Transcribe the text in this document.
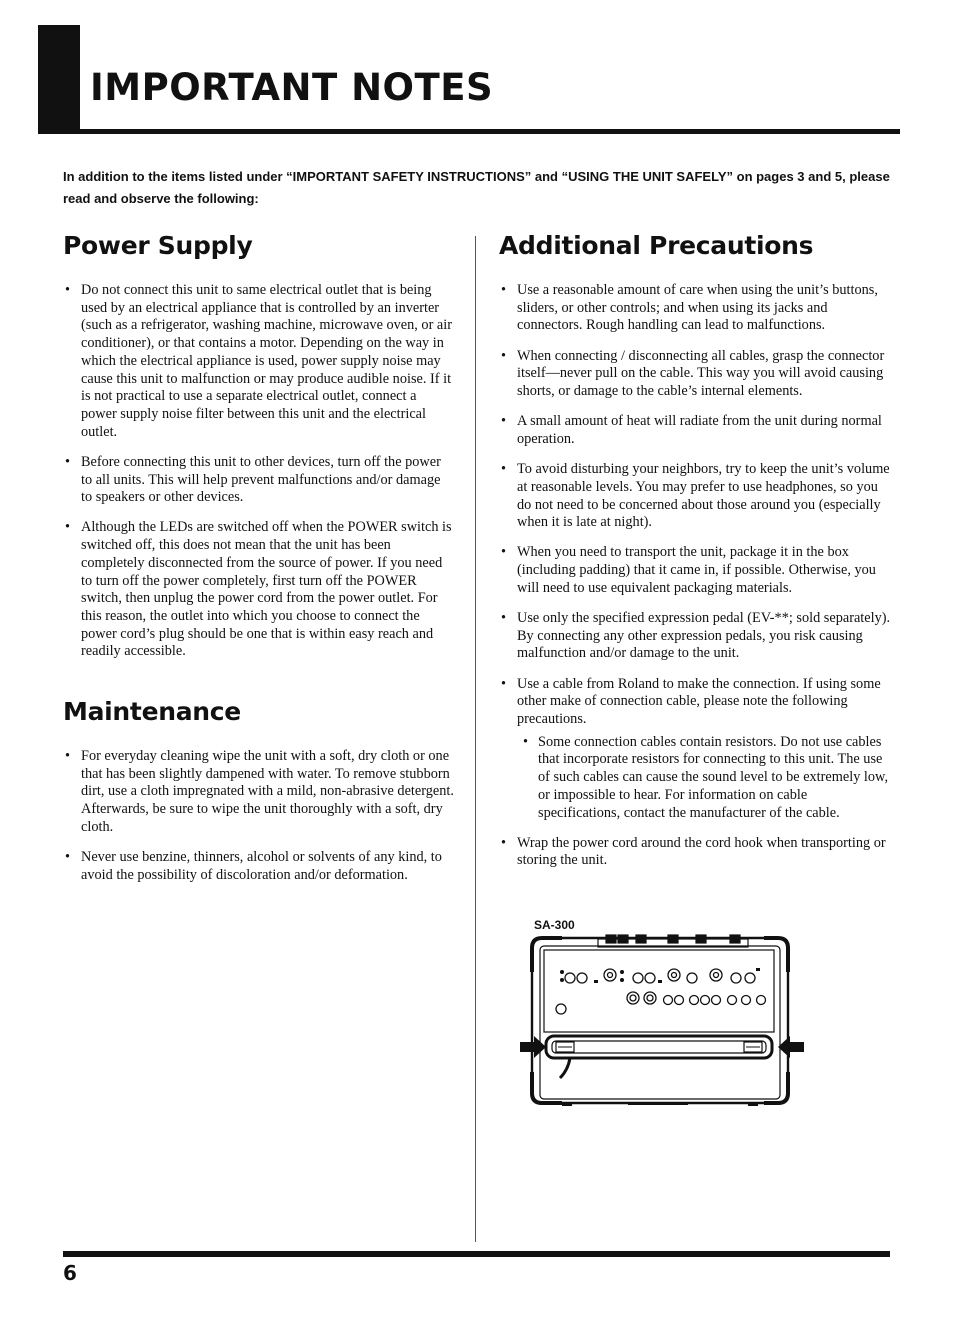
IMPORTANT NOTES

In addition to the items listed under “IMPORTANT SAFETY INSTRUCTIONS” and “USING THE UNIT SAFELY” on pages 3 and 5, please read and observe the following:

Power Supply
• Do not connect this unit to same electrical outlet that is being used by an electrical appliance that is controlled by an inverter (such as a refrigerator, washing machine, microwave oven, or air conditioner), or that contains a motor. Depending on the way in which the electrical appliance is used, power supply noise may cause this unit to malfunction or may produce audible noise. If it is not practical to use a separate electrical outlet, connect a power supply noise filter between this unit and the electrical outlet.
• Before connecting this unit to other devices, turn off the power to all units. This will help prevent malfunctions and/or damage to speakers or other devices.
• Although the LEDs are switched off when the POWER switch is switched off, this does not mean that the unit has been completely disconnected from the source of power. If you need to turn off the power completely, first turn off the POWER switch, then unplug the power cord from the power outlet. For this reason, the outlet into which you choose to connect the power cord’s plug should be one that is within easy reach and readily accessible.
Maintenance
• For everyday cleaning wipe the unit with a soft, dry cloth or one that has been slightly dampened with water. To remove stubborn dirt, use a cloth impregnated with a mild, non-abrasive detergent. Afterwards, be sure to wipe the unit thoroughly with a soft, dry cloth.
• Never use benzine, thinners, alcohol or solvents of any kind, to avoid the possibility of discoloration and/or deformation.
Additional Precautions
• Use a reasonable amount of care when using the unit’s buttons, sliders, or other controls; and when using its jacks and connectors. Rough handling can lead to malfunctions.
• When connecting / disconnecting all cables, grasp the connector itself—never pull on the cable. This way you will avoid causing shorts, or damage to the cable’s internal elements.
• A small amount of heat will radiate from the unit during normal operation.
• To avoid disturbing your neighbors, try to keep the unit’s volume at reasonable levels. You may prefer to use headphones, so you do not need to be concerned about those around you (especially when it is late at night).
• When you need to transport the unit, package it in the box (including padding) that it came in, if possible. Otherwise, you will need to use equivalent packaging materials.
• Use only the specified expression pedal (EV-**; sold separately). By connecting any other expression pedals, you risk causing malfunction and/or damage to the unit.
• Use a cable from Roland to make the connection. If using some other make of connection cable, please note the following precautions.
• Some connection cables contain resistors. Do not use cables that incorporate resistors for connecting to this unit. The use of such cables can cause the sound level to be extremely low, or impossible to hear. For information on cable specifications, contact the manufacturer of the cable.
• Wrap the power cord around the cord hook when transporting or storing the unit.

SA-300

6
